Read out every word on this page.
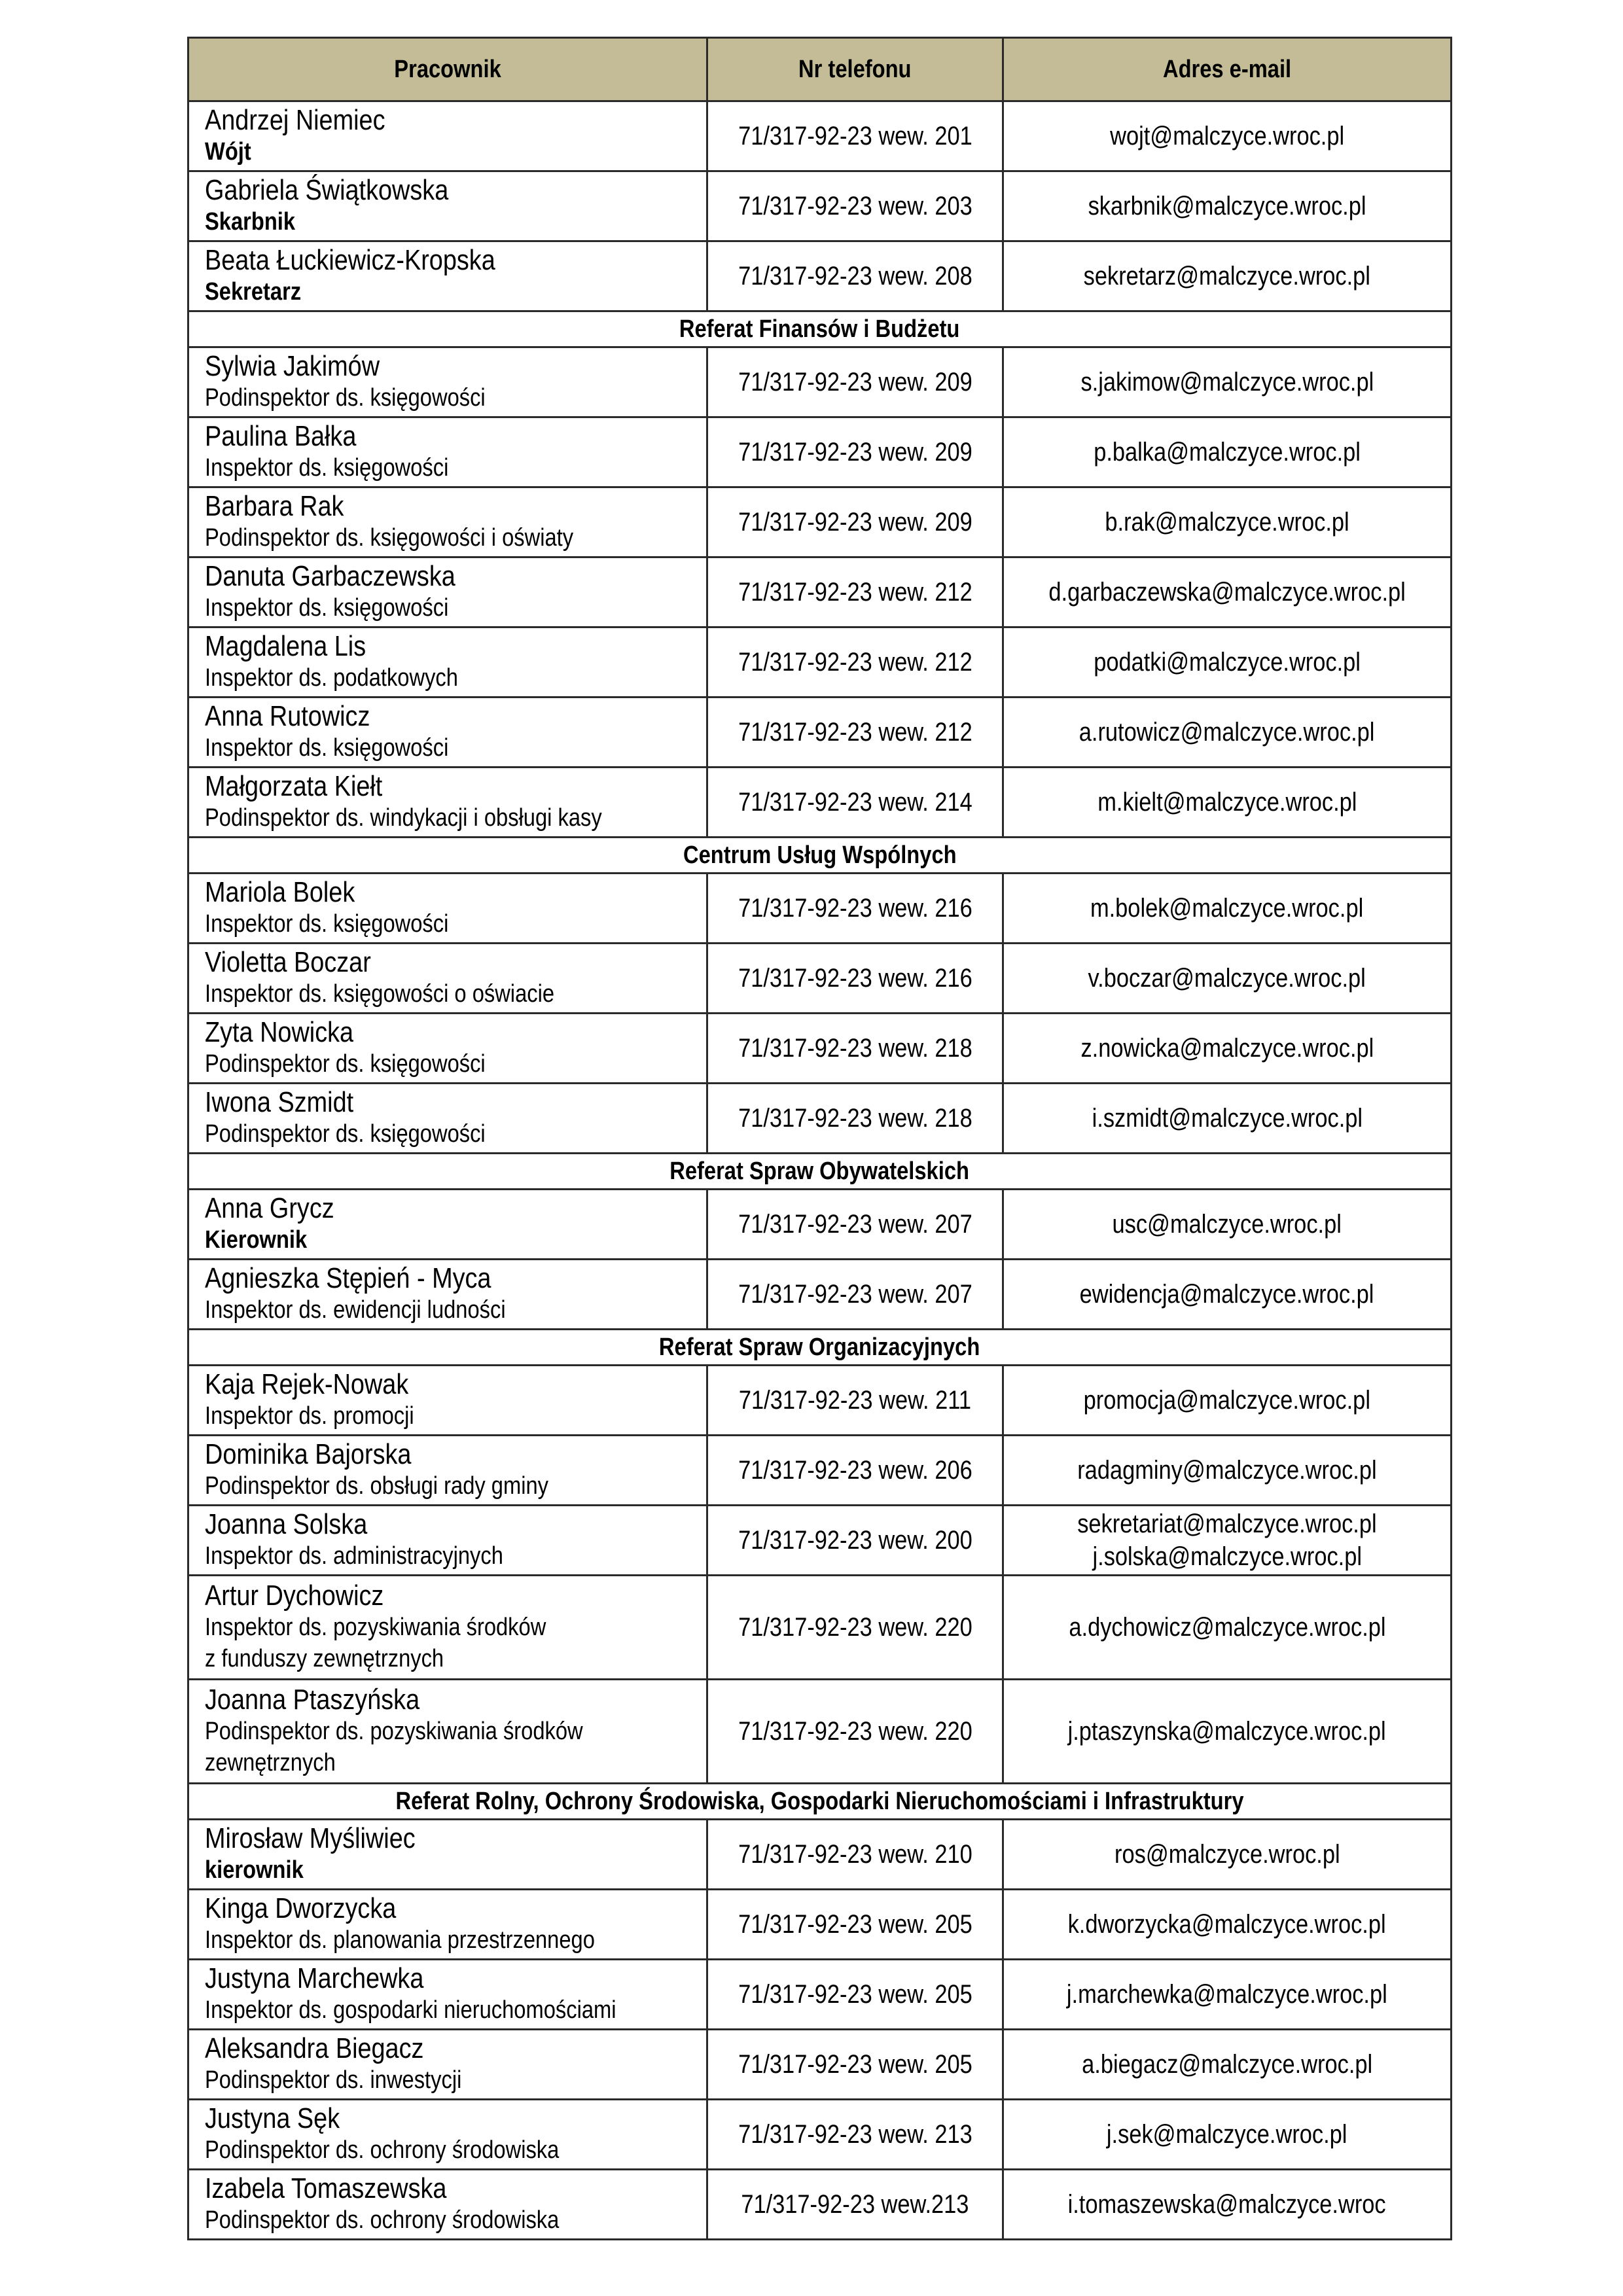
Pracownik	Nr telefonu	Adres e-mail

Andrzej Niemiec
Wójt	71/317-92-23 wew. 201	wojt@malczyce.wroc.pl

Gabriela Świątkowska
Skarbnik	71/317-92-23 wew. 203	skarbnik@malczyce.wroc.pl

Beata Łuckiewicz-Kropska
Sekretarz	71/317-92-23 wew. 208	sekretarz@malczyce.wroc.pl

Referat Finansów i Budżetu		

Sylwia Jakimów
Podinspektor ds. księgowości	71/317-92-23 wew. 209	s.jakimow@malczyce.wroc.pl

Paulina Bałka
Inspektor ds. księgowości	71/317-92-23 wew. 209	p.balka@malczyce.wroc.pl

Barbara Rak
Podinspektor ds. księgowości i oświaty	71/317-92-23 wew. 209	b.rak@malczyce.wroc.pl

Danuta Garbaczewska
Inspektor ds. księgowości	71/317-92-23 wew. 212	d.garbaczewska@malczyce.wroc.pl

Magdalena Lis
Inspektor ds. podatkowych	71/317-92-23 wew. 212	podatki@malczyce.wroc.pl

Anna Rutowicz
Inspektor ds. księgowości	71/317-92-23 wew. 212	a.rutowicz@malczyce.wroc.pl

Małgorzata Kiełt
Podinspektor ds. windykacji i obsługi kasy	71/317-92-23 wew. 214	m.kielt@malczyce.wroc.pl

Centrum Usług Wspólnych		

Mariola Bolek
Inspektor ds. księgowości	71/317-92-23 wew. 216	m.bolek@malczyce.wroc.pl

Violetta Boczar
Inspektor ds. księgowości o oświacie	71/317-92-23 wew. 216	v.boczar@malczyce.wroc.pl

Zyta Nowicka
Podinspektor ds. księgowości	71/317-92-23 wew. 218	z.nowicka@malczyce.wroc.pl

Iwona Szmidt
Podinspektor ds. księgowości	71/317-92-23 wew. 218	i.szmidt@malczyce.wroc.pl

Referat Spraw Obywatelskich		

Anna Grycz
Kierownik	71/317-92-23 wew. 207	usc@malczyce.wroc.pl

Agnieszka Stępień - Myca
Inspektor ds. ewidencji ludności	71/317-92-23 wew. 207	ewidencja@malczyce.wroc.pl

Referat Spraw Organizacyjnych		

Kaja Rejek-Nowak
Inspektor ds. promocji	71/317-92-23 wew. 211	promocja@malczyce.wroc.pl

Dominika Bajorska
Podinspektor ds. obsługi rady gminy	71/317-92-23 wew. 206	radagminy@malczyce.wroc.pl

Joanna Solska
Inspektor ds. administracyjnych	71/317-92-23 wew. 200	sekretariat@malczyce.wroc.pl
j.solska@malczyce.wroc.pl

Artur Dychowicz
Inspektor ds. pozyskiwania środków
z funduszy zewnętrznych	71/317-92-23 wew. 220	a.dychowicz@malczyce.wroc.pl

Joanna Ptaszyńska
Podinspektor ds. pozyskiwania środków
zewnętrznych	71/317-92-23 wew. 220	j.ptaszynska@malczyce.wroc.pl

Referat Rolny, Ochrony Środowiska, Gospodarki Nieruchomościami i Infrastruktury		

Mirosław Myśliwiec
kierownik	71/317-92-23 wew. 210	ros@malczyce.wroc.pl

Kinga Dworzycka
Inspektor ds. planowania przestrzennego	71/317-92-23 wew. 205	k.dworzycka@malczyce.wroc.pl

Justyna Marchewka
Inspektor ds. gospodarki nieruchomościami	71/317-92-23 wew. 205	j.marchewka@malczyce.wroc.pl

Aleksandra Biegacz
Podinspektor ds. inwestycji	71/317-92-23 wew. 205	a.biegacz@malczyce.wroc.pl

Justyna Sęk
Podinspektor ds. ochrony środowiska	71/317-92-23 wew. 213	j.sek@malczyce.wroc.pl

Izabela Tomaszewska
Podinspektor ds. ochrony środowiska	71/317-92-23 wew.213	i.tomaszewska@malczyce.wroc
